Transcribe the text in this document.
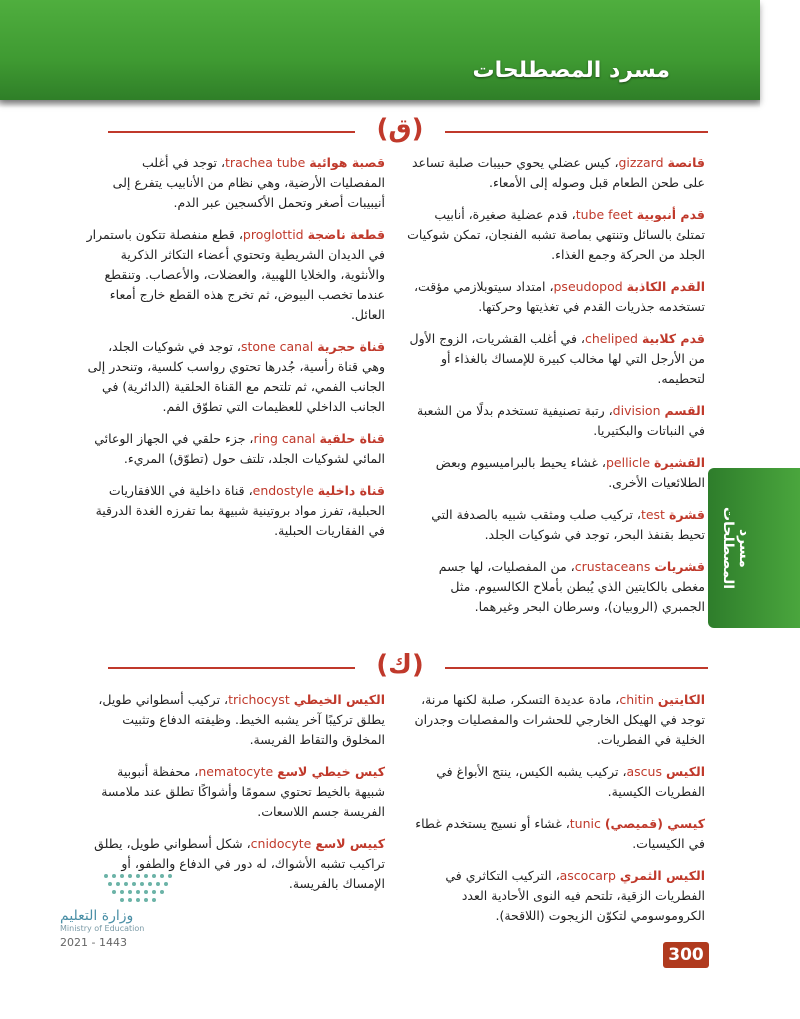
مسرد المصطلحات
(ق)
قانصة gizzard، كيس عضلي يحوي حبيبات صلبة تساعد على طحن الطعام قبل وصوله إلى الأمعاء.
قدم أنبوبية tube feet، قدم عضلية صغيرة، أنابيب تمتلئ بالسائل وتنتهي بماصة تشبه الفنجان، تمكن شوكيات الجلد من الحركة وجمع الغذاء.
القدم الكاذبة pseudopod، امتداد سيتوبلازمي مؤقت، تستخدمه جذريات القدم في تغذيتها وحركتها.
قدم كلابية cheliped، في أغلب القشريات، الزوج الأول من الأرجل التي لها مخالب كبيرة للإمساك بالغذاء أو لتحطيمه.
القسم division، رتبة تصنيفية تستخدم بدلًا من الشعبة في النباتات والبكتيريا.
القشيرة pellicle، غشاء يحيط بالبراميسيوم وبعض الطلائعيات الأخرى.
قشرة test، تركيب صلب ومثقب شبيه بالصدفة التي تحيط بقنفذ البحر، توجد في شوكيات الجلد.
قشريات crustaceans، من المفصليات، لها جسم مغطى بالكايتين الذي يُبطن بأملاح الكالسيوم. مثل الجمبري (الروبيان)، وسرطان البحر وغيرهما.
قصبة هوائية trachea tube، توجد في أغلب المفصليات الأرضية، وهي نظام من الأنابيب يتفرع إلى أنيبيبات أصغر وتحمل الأكسجين عبر الدم.
قطعة ناضجة proglottid، قطع منفصلة تتكون باستمرار في الديدان الشريطية وتحتوي أعضاء التكاثر الذكرية والأنثوية، والخلايا اللهبية، والعضلات، والأعصاب. وتنقطع عندما تخصب البيوض، ثم تخرج هذه القطع خارج أمعاء العائل.
قناة حجرية stone canal، توجد في شوكيات الجلد، وهي قناة رأسية، جُدرها تحتوي رواسب كلسية، وتنحدر إلى الجانب الفمي، ثم تلتحم مع القناة الحلقية (الدائرية) في الجانب الداخلي للعظيمات التي تطوّق الفم.
قناة حلقية ring canal، جزء حلقي في الجهاز الوعائي المائي لشوكيات الجلد، تلتف حول (تطوّق) المريء.
قناة داخلية endostyle، قناة داخلية في اللافقاريات الحبلية، تفرز مواد بروتينية شبيهة بما تفرزه الغدة الدرقية في الفقاريات الحبلية.
(ك)
الكايتين chitin، مادة عديدة التسكر، صلبة لكنها مرنة، توجد في الهيكل الخارجي للحشرات والمفصليات وجدران الخلية في الفطريات.
الكيس ascus، تركيب يشبه الكيس، ينتج الأبواغ في الفطريات الكيسية.
كيسي (قميصي) tunic، غشاء أو نسيج يستخدم غطاء في الكيسيات.
الكيس الثمري ascocarp، التركيب التكاثري في الفطريات الزقية، تلتحم فيه النوى الأحادية العدد الكروموسومي لتكوّن الزيجوت (اللاقحة).
الكيس الخيطي trichocyst، تركيب أسطواني طويل، يطلق تركيبًا آخر يشبه الخيط. وظيفته الدفاع وتثبيت المخلوق والتقاط الفريسة.
كيس خيطي لاسع nematocyte، محفظة أنبوبية شبيهة بالخيط تحتوي سمومًا وأشواكًا تطلق عند ملامسة الفريسة جسم اللاسعات.
كييس لاسع cnidocyte، شكل أسطواني طويل، يطلق تراكيب تشبه الأشواك، له دور في الدفاع والطفو، أو الإمساك بالفريسة.
مسرد المصطلحات
وزارة التعليم
Ministry of Education
2021 - 1443
300
